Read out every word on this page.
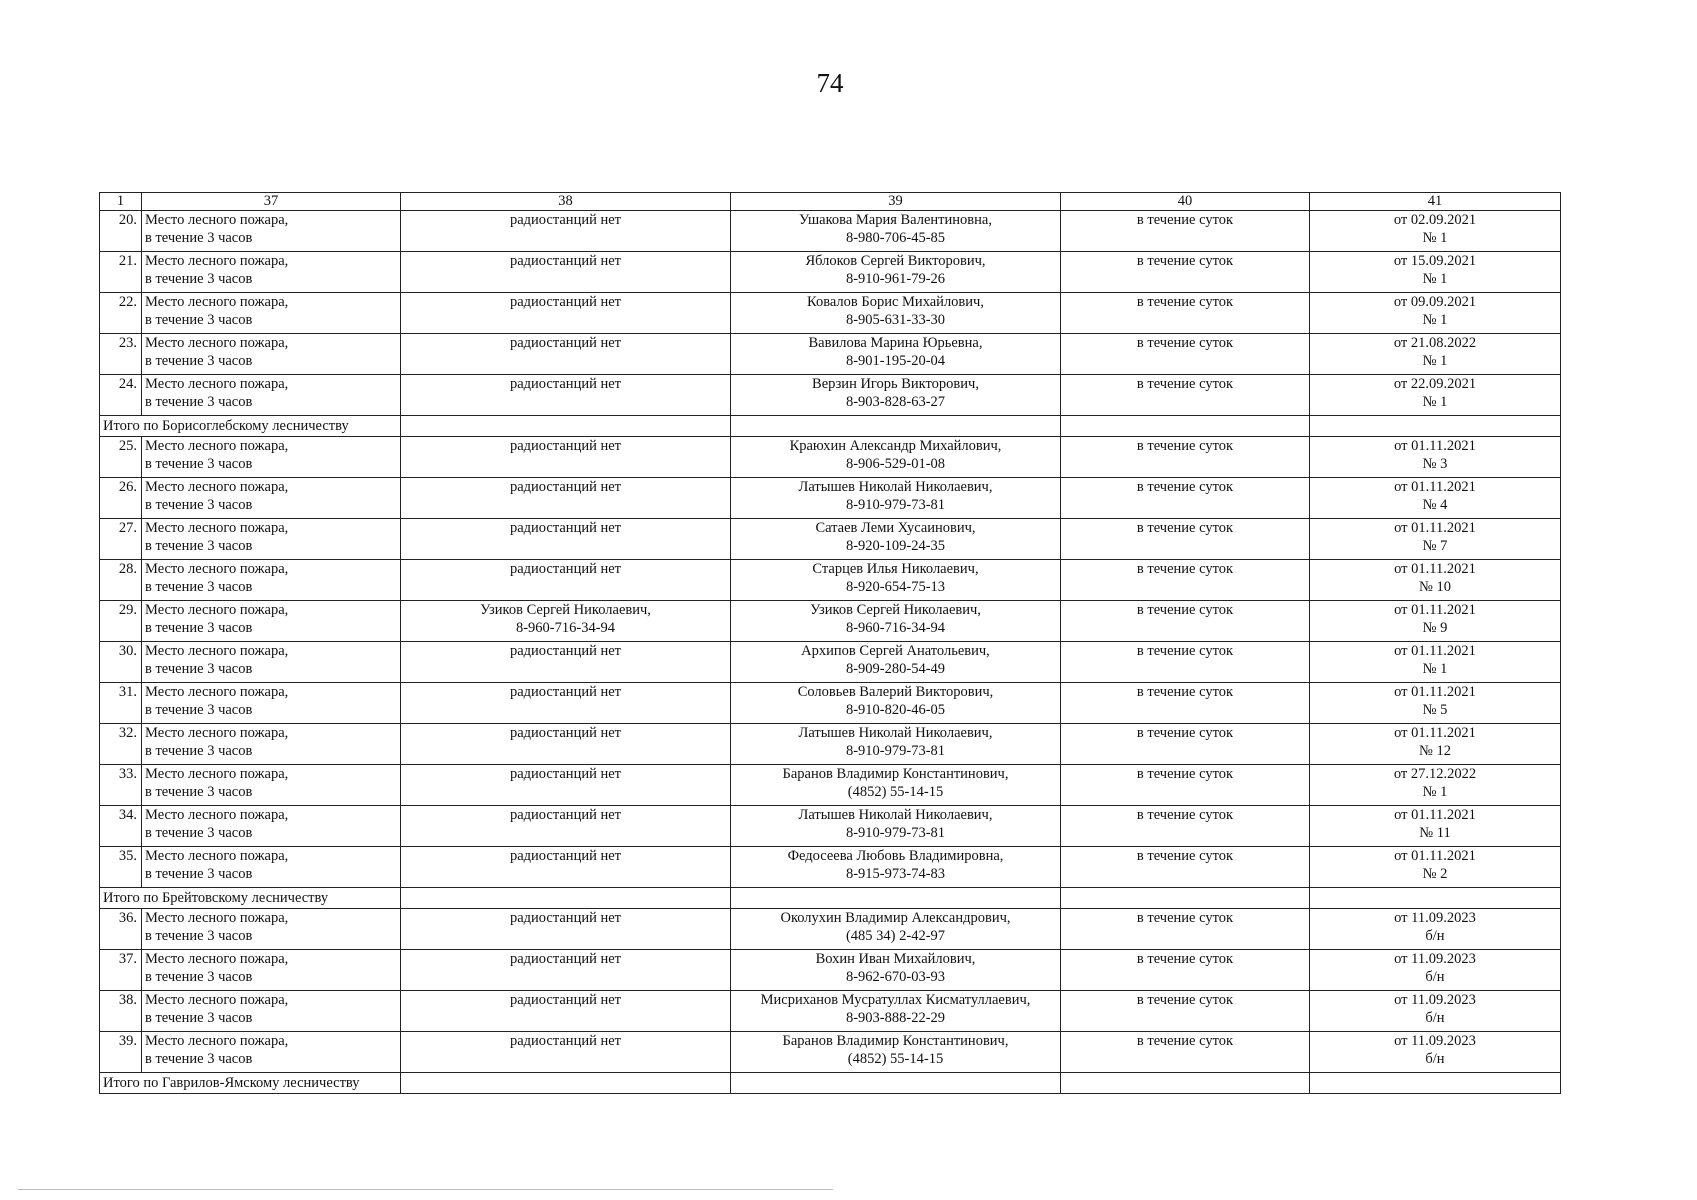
74
1	37	38	39	40	41
20.	Место лесного пожара,
в течение 3 часов	радиостанций нет	Ушакова Мария Валентиновна,
8-980-706-45-85	в течение суток	от 02.09.2021
№ 1

21.	Место лесного пожара,
в течение 3 часов	радиостанций нет	Яблоков Сергей Викторович,
8-910-961-79-26	в течение суток	от 15.09.2021
№ 1

22.	Место лесного пожара,
в течение 3 часов	радиостанций нет	Ковалов Борис Михайлович,
8-905-631-33-30	в течение суток	от 09.09.2021
№ 1

23.	Место лесного пожара,
в течение 3 часов	радиостанций нет	Вавилова Марина Юрьевна,
8-901-195-20-04	в течение суток	от 21.08.2022
№ 1

24.	Место лесного пожара,
в течение 3 часов	радиостанций нет	Верзин Игорь Викторович,
8-903-828-63-27	в течение суток	от 22.09.2021
№ 1

Итого по Борисоглебскому лесничеству					
25.	Место лесного пожара,
в течение 3 часов	радиостанций нет	Краюхин Александр Михайлович,
8-906-529-01-08	в течение суток	от 01.11.2021
№ 3

26.	Место лесного пожара,
в течение 3 часов	радиостанций нет	Латышев Николай Николаевич,
8-910-979-73-81	в течение суток	от 01.11.2021
№ 4

27.	Место лесного пожара,
в течение 3 часов	радиостанций нет	Сатаев Леми Хусаинович,
8-920-109-24-35	в течение суток	от 01.11.2021
№ 7

28.	Место лесного пожара,
в течение 3 часов	радиостанций нет	Старцев Илья Николаевич,
8-920-654-75-13	в течение суток	от 01.11.2021
№ 10

29.	Место лесного пожара,
в течение 3 часов	Узиков Сергей Николаевич,
8-960-716-34-94	Узиков Сергей Николаевич,
8-960-716-34-94	в течение суток	от 01.11.2021
№ 9

30.	Место лесного пожара,
в течение 3 часов	радиостанций нет	Архипов Сергей Анатольевич,
8-909-280-54-49	в течение суток	от 01.11.2021
№ 1

31.	Место лесного пожара,
в течение 3 часов	радиостанций нет	Соловьев Валерий Викторович,
8-910-820-46-05	в течение суток	от 01.11.2021
№ 5

32.	Место лесного пожара,
в течение 3 часов	радиостанций нет	Латышев Николай Николаевич,
8-910-979-73-81	в течение суток	от 01.11.2021
№ 12

33.	Место лесного пожара,
в течение 3 часов	радиостанций нет	Баранов Владимир Константинович,
(4852) 55-14-15	в течение суток	от 27.12.2022
№ 1

34.	Место лесного пожара,
в течение 3 часов	радиостанций нет	Латышев Николай Николаевич,
8-910-979-73-81	в течение суток	от 01.11.2021
№ 11

35.	Место лесного пожара,
в течение 3 часов	радиостанций нет	Федосеева Любовь Владимировна,
8-915-973-74-83	в течение суток	от 01.11.2021
№ 2

Итого по Брейтовскому лесничеству					
36.	Место лесного пожара,
в течение 3 часов	радиостанций нет	Околухин Владимир Александрович,
(485 34) 2-42-97	в течение суток	от 11.09.2023
б/н

37.	Место лесного пожара,
в течение 3 часов	радиостанций нет	Вохин Иван Михайлович,
8-962-670-03-93	в течение суток	от 11.09.2023
б/н

38.	Место лесного пожара,
в течение 3 часов	радиостанций нет	Мисриханов Мусратуллах Кисматуллаевич,
8-903-888-22-29	в течение суток	от 11.09.2023
б/н

39.	Место лесного пожара,
в течение 3 часов	радиостанций нет	Баранов Владимир Константинович,
(4852) 55-14-15	в течение суток	от 11.09.2023
б/н

Итого по Гаврилов-Ямскому лесничеству					
